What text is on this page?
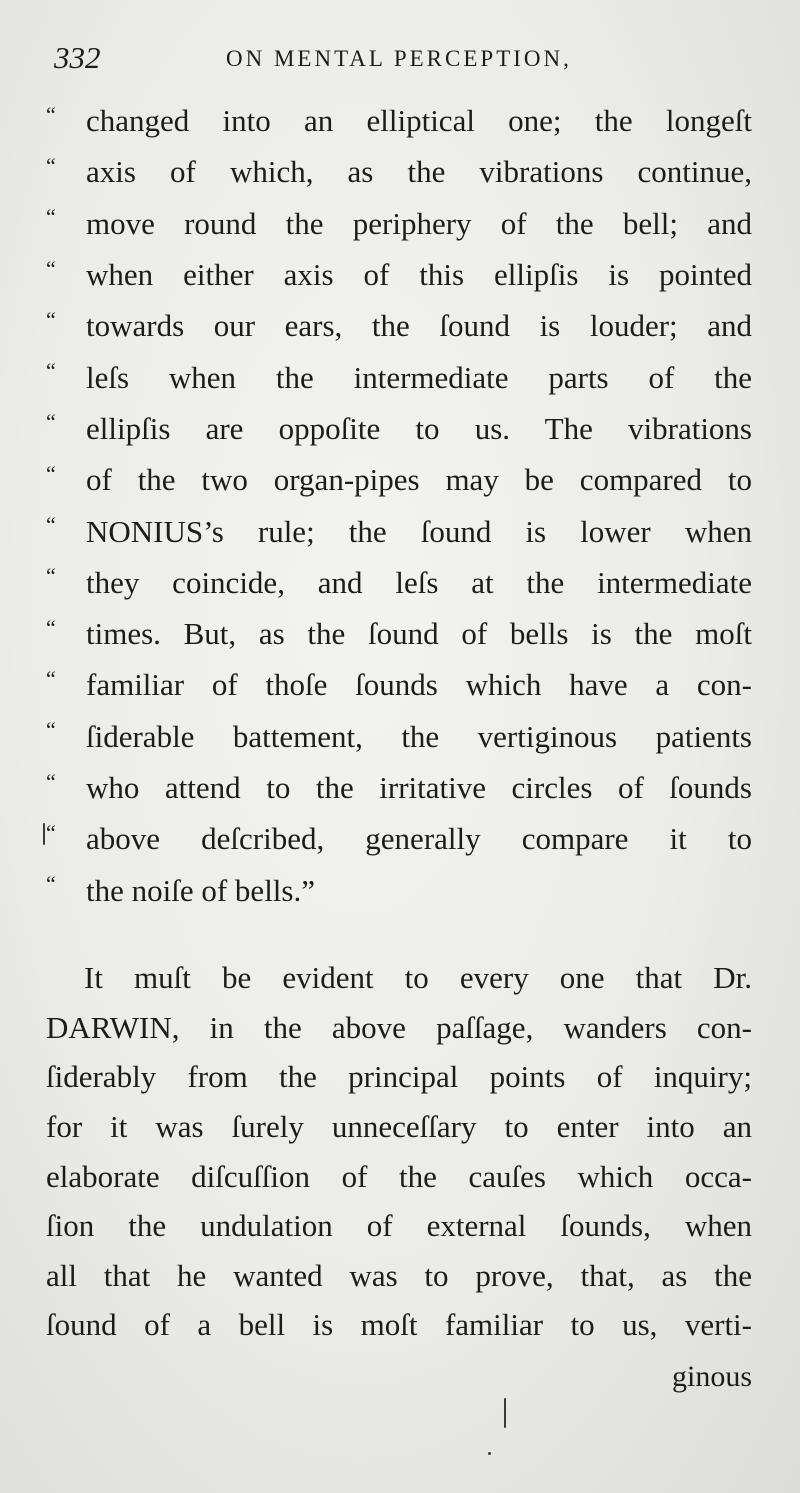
332	ON MENTAL PERCEPTION,
“ changed into an elliptical one; the longeſt
“ axis of which, as the vibrations continue,
“ move round the periphery of the bell; and
“ when either axis of this ellipſis is pointed
“ towards our ears, the ſound is louder; and
“ leſs when the intermediate parts of the
“ ellipſis are oppoſite to us. The vibrations
“ of the two organ-pipes may be compared to
“ NONIUS’s rule; the ſound is lower when
“ they coincide, and leſs at the intermediate
“ times. But, as the ſound of bells is the moſt
“ familiar of thoſe ſounds which have a con-
“ ſiderable battement, the vertiginous patients
“ who attend to the irritative circles of ſounds
“ above deſcribed, generally compare it to
“ the noiſe of bells.”
It muſt be evident to every one that Dr.
DARWIN, in the above paſſage, wanders con-
ſiderably from the principal points of inquiry;
for it was ſurely unneceſſary to enter into an
elaborate diſcuſſion of the cauſes which occa-
ſion the undulation of external ſounds, when
all that he wanted was to prove, that, as the
ſound of a bell is moſt familiar to us, verti-
ginous
